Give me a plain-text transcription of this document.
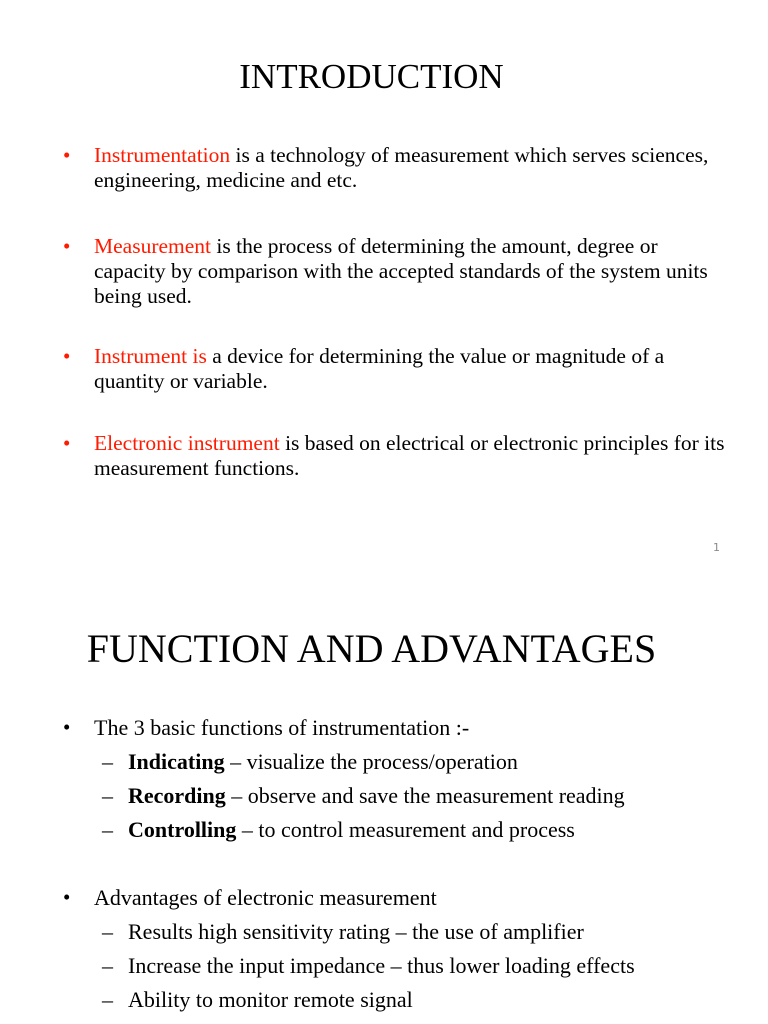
INTRODUCTION
• Instrumentation is a technology of measurement which serves sciences, engineering, medicine and etc.
• Measurement is the process of determining the amount, degree or capacity by comparison with the accepted standards of the system units being used.
• Instrument is a device for determining the value or magnitude of a quantity or variable.
• Electronic instrument is based on electrical or electronic principles for its measurement functions.
1
FUNCTION AND ADVANTAGES
• The 3 basic functions of instrumentation :-
– Indicating – visualize the process/operation
– Recording – observe and save the measurement reading
– Controlling – to control measurement and process
• Advantages of electronic measurement
– Results high sensitivity rating – the use of amplifier
– Increase the input impedance – thus lower loading effects
– Ability to monitor remote signal
